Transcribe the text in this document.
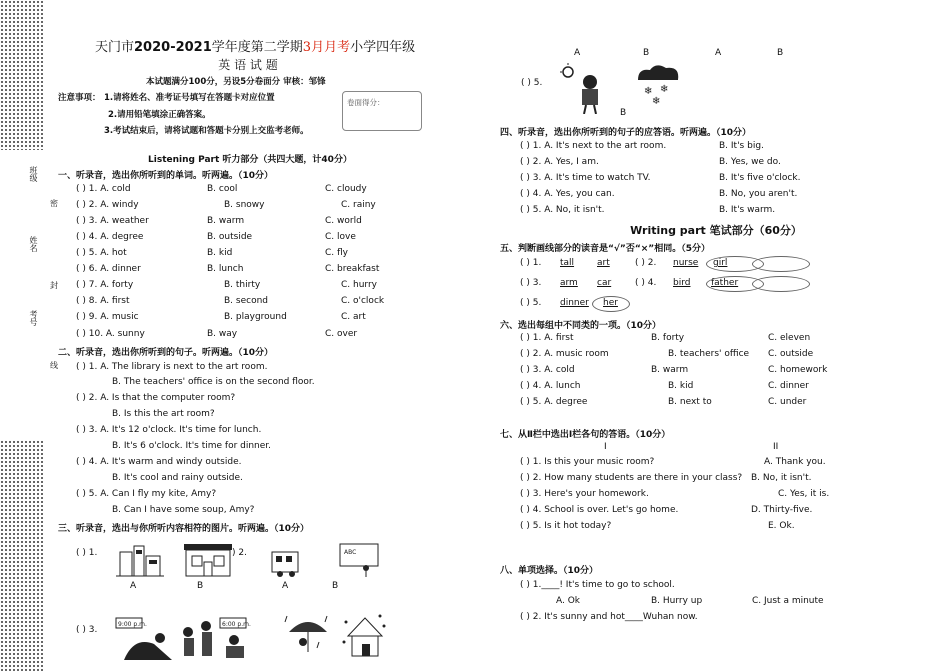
班级
密
姓名
封
考号
线
天门市2020-2021学年度第二学期3月月考小学四年级
英 语 试 题
本试题满分100分，另设5分卷面分 审核：邹锋
注意事项： 1.请将姓名、准考证号填写在答题卡对应位置
2.请用铅笔填涂正确答案。
3.考试结束后，请将试题和答题卡分别上交监考老师。
卷面得分：
Listening Part 听力部分（共四大题，计40分）
一、听录音，选出你所听到的单词。听两遍。（10分）
( ) 1. A. cold	B. cool	C. cloudy
( ) 2. A. windy	B. snowy	C. rainy
( ) 3. A. weather	B. warm	C. world
( ) 4. A. degree	B. outside	C. love
( ) 5. A. hot	B. kid	C. fly
( ) 6. A. dinner	B. lunch	C. breakfast
( ) 7. A. forty	B. thirty	C. hurry
( ) 8. A. first	B. second	C. o'clock
( ) 9. A. music	B. playground	C. art
( ) 10. A. sunny	B. way	C. over
二、听录音，选出你所听到的句子。听两遍。（10分）
( ) 1. A. The library is next to the art room.
B. The teachers' office is on the second floor.
( ) 2. A. Is that the computer room?
B. Is this the art room?
( ) 3. A. It's 12 o'clock. It's time for lunch.
B. It's 6 o'clock. It's time for dinner.
( ) 4. A. It's warm and windy outside.
B. It's cool and rainy outside.
( ) 5. A. Can I fly my kite, Amy?
B. Can I have some soup, Amy?
三、听录音，选出与你所听内容相符的图片。听两遍。（10分）
( ) 1.
A	B
) 2.
A
ABC
B
( ) 3.
9:00 p.m.	6:00 p.m.
A	B	A	B
( ) 5.
❄ ❄
❄
B
四、听录音，选出你所听到的句子的应答语。听两遍。（10分）
( ) 1. A. It's next to the art room.	B. It's big.
( ) 2. A. Yes, I am.	B. Yes, we do.
( ) 3. A. It's time to watch TV.	B. It's five o'clock.
( ) 4. A. Yes, you can.	B. No, you aren't.
( ) 5. A. No, it isn't.	B. It's warm.
Writing part 笔试部分（60分）
五、判断画线部分的读音是“√”否“×”相同。（5分）
( ) 1. tall	art	( ) 2. nurse girl
( ) 3. arm car	( ) 4. bird father
( ) 5. dinner her
六、选出每组中不同类的一项。（10分）
( ) 1. A. first	B. forty	C. eleven
( ) 2. A. music room	B. teachers' office C. outside
( ) 3. A. cold	B. warm	C. homework
( ) 4. A. lunch	B. kid	C. dinner
( ) 5. A. degree	B. next to	C. under
七、从Ⅱ栏中选出Ⅰ栏各句的答语。（10分）
I	II
( ) 1. Is this your music room?	A. Thank you.
( ) 2. How many students are there in your class? B. No, it isn't.
( ) 3. Here's your homework.	C. Yes, it is.
( ) 4. School is over. Let's go home.	D. Thirty-five.
( ) 5. Is it hot today?	E. Ok.
八、单项选择。（10分）
( ) 1.____! It's time to go to school.
A. Ok	B. Hurry up	C. Just a minute
( ) 2. It's sunny and hot____Wuhan now.
